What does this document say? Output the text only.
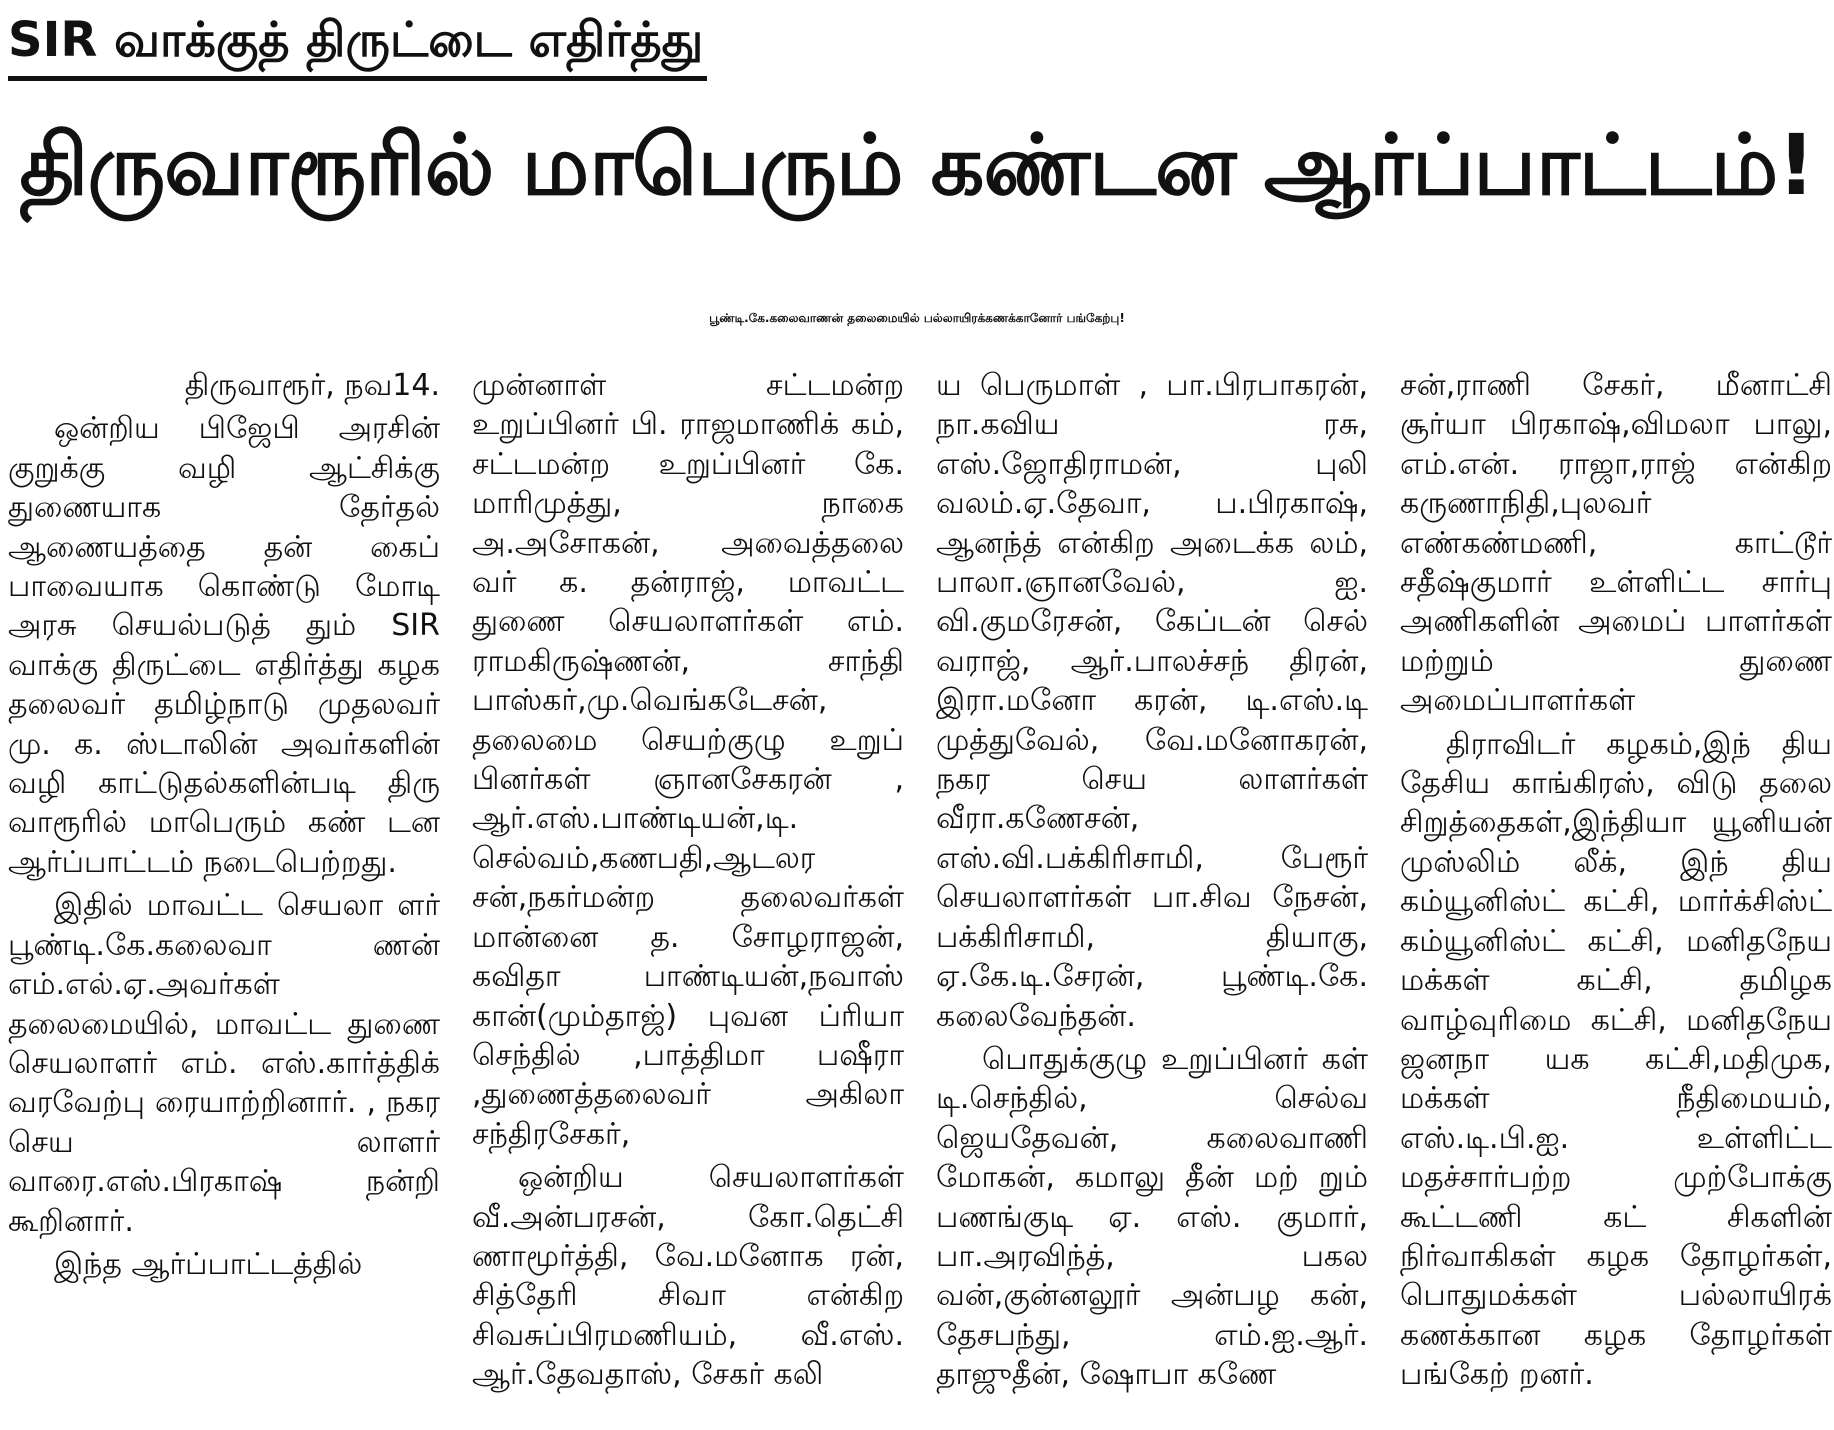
SIR வாக்குத் திருட்டை எதிர்த்து
திருவாரூரில் மாபெரும் கண்டன ஆர்ப்பாட்டம்!
பூண்டி.கே.கலைவாணன் தலைமையில் பல்லாயிரக்கணக்கானோர் பங்கேற்பு!

திருவாரூர், நவ14.

ஒன்றிய பிஜேபி அரசின் குறுக்கு வழி ஆட்சிக்கு துணையாக தேர்தல் ஆணையத்தை தன் கைப் பாவையாக கொண்டு மோடி அரசு செயல்படுத் தும் SIR வாக்கு திருட்டை எதிர்த்து கழக தலைவர் தமிழ்நாடு முதலவர் மு. க. ஸ்டாலின் அவர்களின் வழி காட்டுதல்களின்படி திரு வாரூரில் மாபெரும் கண் டன ஆர்ப்பாட்டம் நடைபெற்றது.

இதில் மாவட்ட செயலா ளர் பூண்டி.கே.கலைவா ணன் எம்.எல்.ஏ.அவர்கள் தலைமையில், மாவட்ட துணை செயலாளர் எம். எஸ்.கார்த்திக் வரவேற்பு ரையாற்றினார். , நகர செய லாளர் வாரை.எஸ்.பிரகாஷ் நன்றி கூறினார்.

இந்த ஆர்ப்பாட்டத்தில்

முன்னாள் சட்டமன்ற உறுப்பினர் பி. ராஜமாணிக் கம், சட்டமன்ற உறுப்பினர் கே. மாரிமுத்து, நாகை அ.அசோகன், அவைத்தலை வர் க. தன்ராஜ், மாவட்ட துணை செயலாளர்கள் எம். ராமகிருஷ்ணன், சாந்தி பாஸ்கர்,மு.வெங்கடேசன், தலைமை செயற்குழு உறுப் பினர்கள் ஞானசேகரன் , ஆர்.எஸ்.பாண்டியன்,டி. செல்வம்,கணபதி,ஆடலர சன்,நகர்மன்ற தலைவர்கள் மான்னை த. சோழராஜன், கவிதா பாண்டியன்,நவாஸ் கான்(மும்தாஜ்) புவன ப்ரியா செந்தில் ,பாத்திமா பஷீரா ,துணைத்தலைவர் அகிலா சந்திரசேகர்,

ஒன்றிய செயலாளர்கள் வீ.அன்பரசன், கோ.தெட்சி ணாமூர்த்தி, வே.மனோக ரன், சித்தேரி சிவா என்கிற சிவசுப்பிரமணியம், வீ.எஸ். ஆர்.தேவதாஸ், சேகர் கலி

ய பெருமாள் , பா.பிரபாகரன், நா.கவிய ரசு, எஸ்.ஜோதிராமன், புலி வலம்.ஏ.தேவா, ப.பிரகாஷ், ஆனந்த் என்கிற அடைக்க லம், பாலா.ஞானவேல், ஐ. வி.குமரேசன், கேப்டன் செல் வராஜ், ஆர்.பாலச்சந் திரன், இரா.மனோ கரன், டி.எஸ்.டி முத்துவேல், வே.மனோகரன், நகர செய லாளர்கள் வீரா.கணேசன், எஸ்.வி.பக்கிரிசாமி, பேரூர் செயலாளர்கள் பா.சிவ நேசன், பக்கிரிசாமி, தியாகு, ஏ.கே.டி.சேரன், பூண்டி.கே. கலைவேந்தன்.

பொதுக்குழு உறுப்பினர் கள் டி.செந்தில், செல்வ ஜெயதேவன், கலைவாணி மோகன், கமாலு தீன் மற் றும் பணங்குடி ஏ. எஸ். குமார், பா.அரவிந்த், பகல வன்,குன்னலூர் அன்பழ கன், தேசபந்து, எம்.ஐ.ஆர். தாஜுதீன், ஷோபா கணே

சன்,ராணி சேகர், மீனாட்சி சூர்யா பிரகாஷ்,விமலா பாலு, எம்.என். ராஜா,ராஜ் என்கிற கருணாநிதி,புலவர் எண்கண்மணி, காட்டூர் சதீஷ்குமார் உள்ளிட்ட சார்பு அணிகளின் அமைப் பாளர்கள் மற்றும் துணை அமைப்பாளர்கள்

திராவிடர் கழகம்,இந் திய தேசிய காங்கிரஸ், விடு தலை சிறுத்தைகள்,இந்தியா யூனியன் முஸ்லிம் லீக், இந் திய கம்யூனிஸ்ட் கட்சி, மார்க்சிஸ்ட் கம்யூனிஸ்ட் கட்சி, மனிதநேய மக்கள் கட்சி, தமிழக வாழ்வுரிமை கட்சி, மனிதநேய ஜனநா யக கட்சி,மதிமுக, மக்கள் நீதிமையம், எஸ்.டி.பி.ஐ. உள்ளிட்ட மதச்சார்பற்ற முற்போக்கு கூட்டணி கட் சிகளின் நிர்வாகிகள் கழக தோழர்கள், பொதுமக்கள் பல்லாயிரக் கணக்கான கழக தோழர்கள் பங்கேற் றனர்.
